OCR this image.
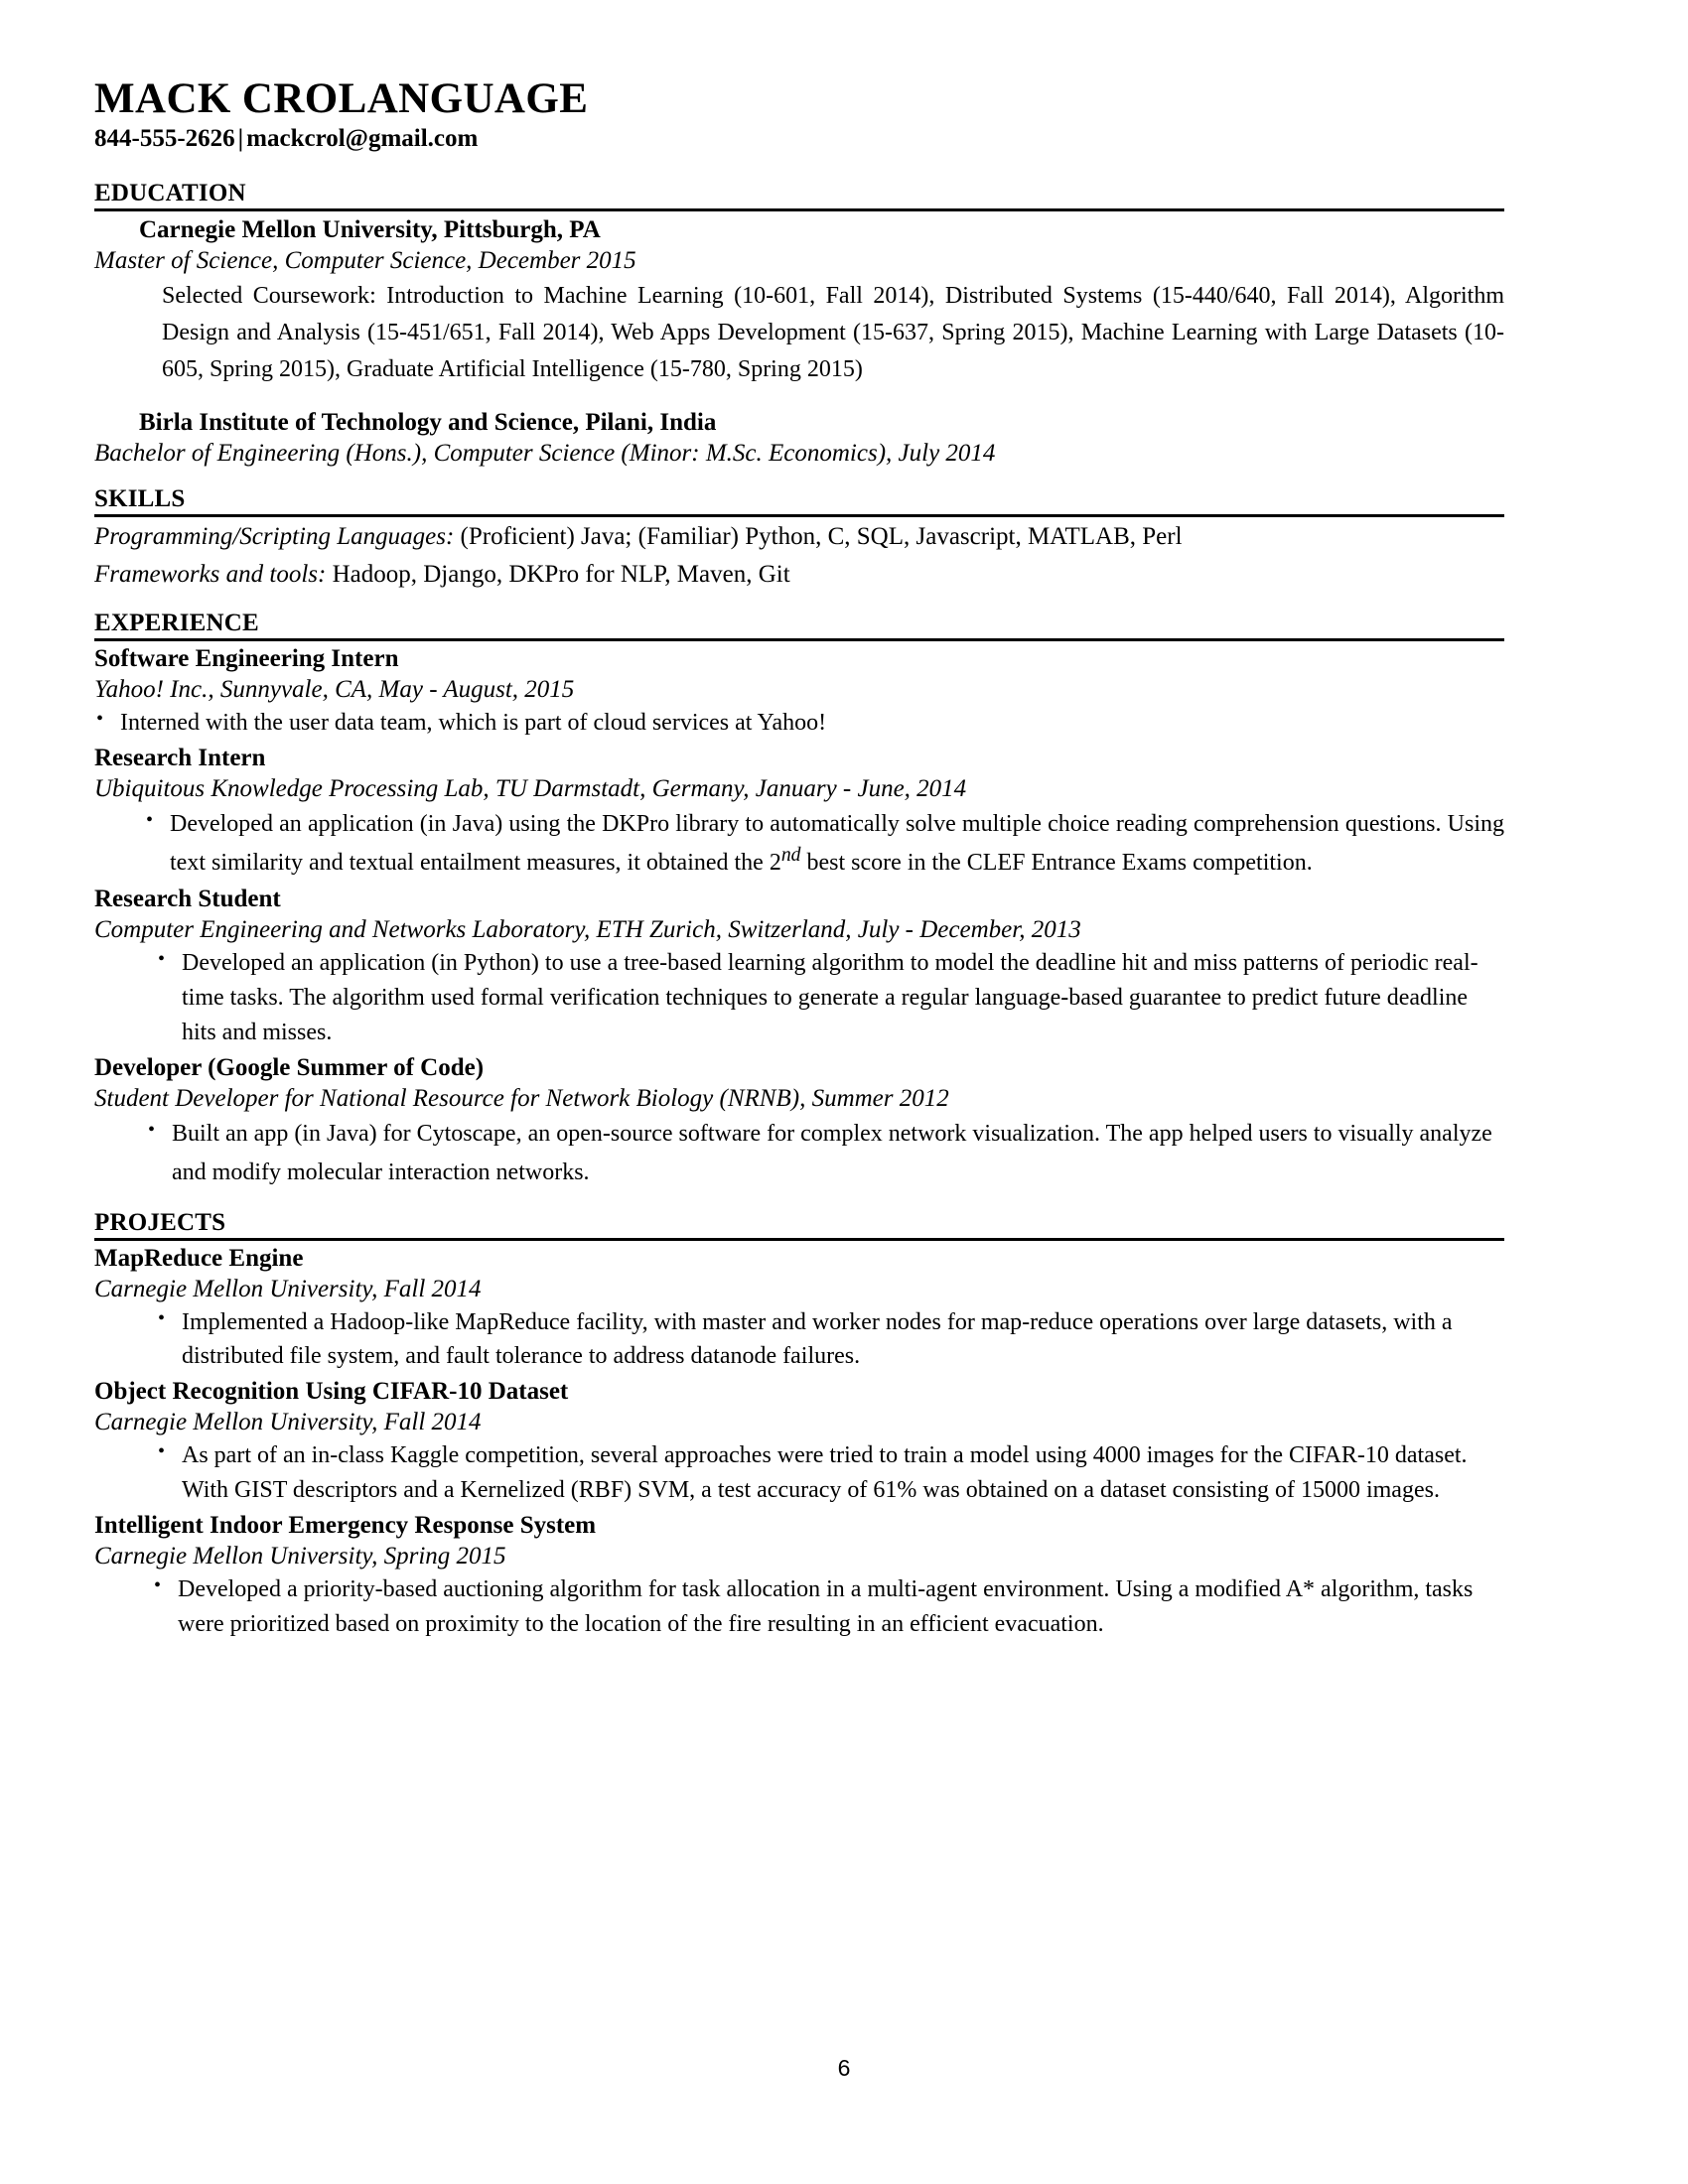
MACK CROLANGUAGE
844-555-2626 | mackcrol@gmail.com
EDUCATION
Carnegie Mellon University, Pittsburgh, PA
Master of Science, Computer Science, December 2015
Selected Coursework: Introduction to Machine Learning (10-601, Fall 2014), Distributed Systems (15-440/640, Fall 2014), Algorithm Design and Analysis (15-451/651, Fall 2014), Web Apps Development (15-637, Spring 2015), Machine Learning with Large Datasets (10-605, Spring 2015), Graduate Artificial Intelligence (15-780, Spring 2015)
Birla Institute of Technology and Science, Pilani, India
Bachelor of Engineering (Hons.), Computer Science (Minor: M.Sc. Economics), July 2014
SKILLS
Programming/Scripting Languages: (Proficient) Java; (Familiar) Python, C, SQL, Javascript, MATLAB, Perl
Frameworks and tools: Hadoop, Django, DKPro for NLP, Maven, Git
EXPERIENCE
Software Engineering Intern
Yahoo! Inc., Sunnyvale, CA, May - August, 2015
• Interned with the user data team, which is part of cloud services at Yahoo!
Research Intern
Ubiquitous Knowledge Processing Lab, TU Darmstadt, Germany, January - June, 2014
• Developed an application (in Java) using the DKPro library to automatically solve multiple choice reading comprehension questions. Using text similarity and textual entailment measures, it obtained the 2nd best score in the CLEF Entrance Exams competition.
Research Student
Computer Engineering and Networks Laboratory, ETH Zurich, Switzerland, July - December, 2013
• Developed an application (in Python) to use a tree-based learning algorithm to model the deadline hit and miss patterns of periodic real-time tasks. The algorithm used formal verification techniques to generate a regular language-based guarantee to predict future deadline hits and misses.
Developer (Google Summer of Code)
Student Developer for National Resource for Network Biology (NRNB), Summer 2012
• Built an app (in Java) for Cytoscape, an open-source software for complex network visualization. The app helped users to visually analyze and modify molecular interaction networks.
PROJECTS
MapReduce Engine
Carnegie Mellon University, Fall 2014
• Implemented a Hadoop-like MapReduce facility, with master and worker nodes for map-reduce operations over large datasets, with a distributed file system, and fault tolerance to address datanode failures.
Object Recognition Using CIFAR-10 Dataset
Carnegie Mellon University, Fall 2014
• As part of an in-class Kaggle competition, several approaches were tried to train a model using 4000 images for the CIFAR-10 dataset. With GIST descriptors and a Kernelized (RBF) SVM, a test accuracy of 61% was obtained on a dataset consisting of 15000 images.
Intelligent Indoor Emergency Response System
Carnegie Mellon University, Spring 2015
• Developed a priority-based auctioning algorithm for task allocation in a multi-agent environment. Using a modified A* algorithm, tasks were prioritized based on proximity to the location of the fire resulting in an efficient evacuation.
6
